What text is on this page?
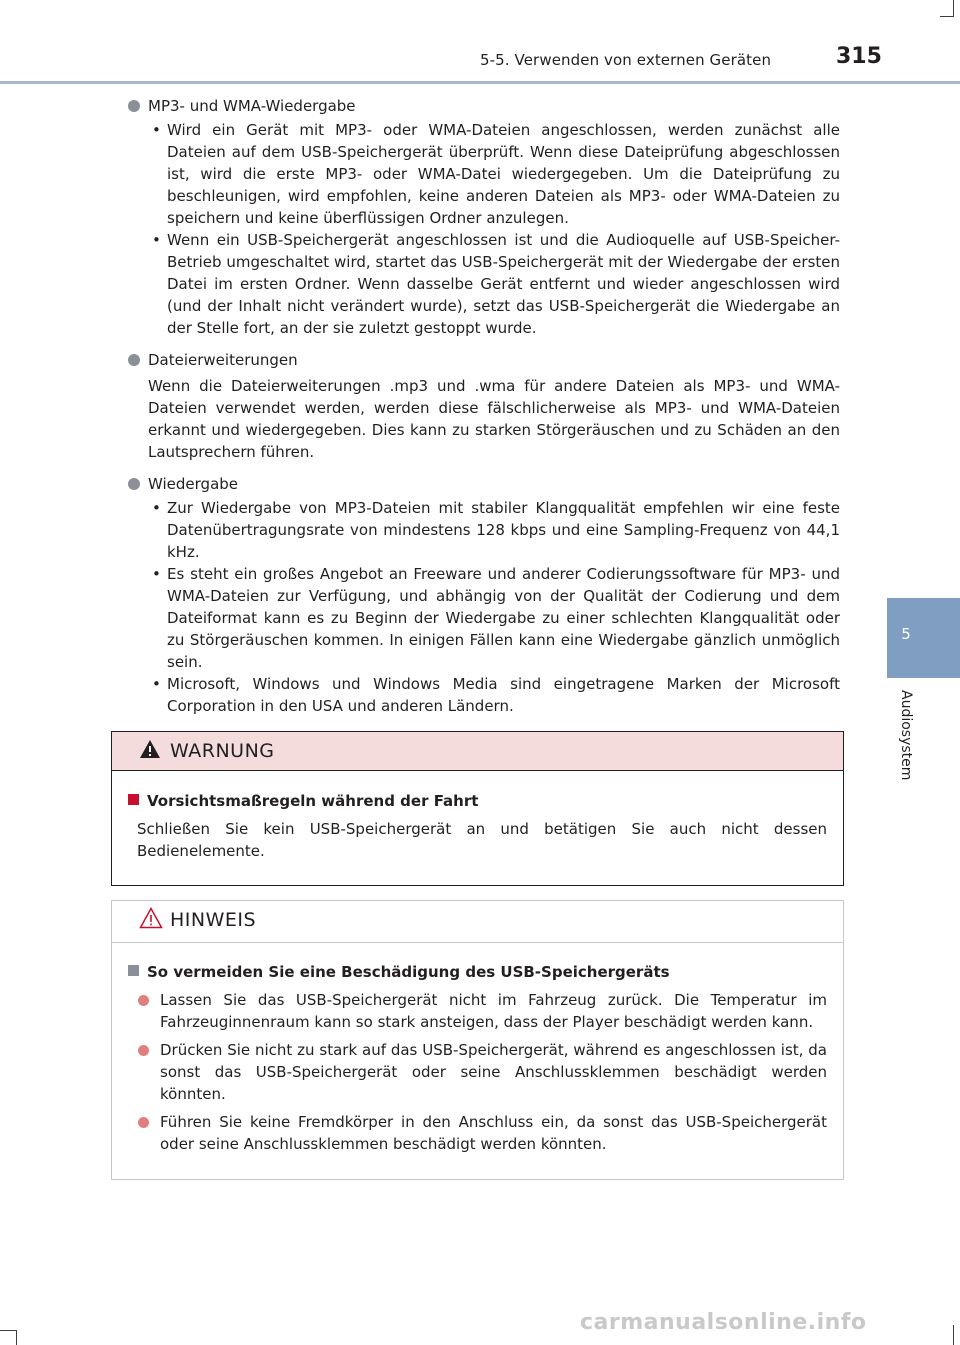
5-5. Verwenden von externen Geräten	315
5
Audiosystem
MP3- und WMA-Wiedergabe
• Wird ein Gerät mit MP3- oder WMA-Dateien angeschlossen, werden zunächst alle Dateien auf dem USB-Speichergerät überprüft. Wenn diese Dateiprüfung abgeschlossen ist, wird die erste MP3- oder WMA-Datei wiedergegeben. Um die Dateiprüfung zu beschleunigen, wird empfohlen, keine anderen Dateien als MP3- oder WMA-Dateien zu speichern und keine überflüssigen Ordner anzulegen.
• Wenn ein USB-Speichergerät angeschlossen ist und die Audioquelle auf USB-Speicher-Betrieb umgeschaltet wird, startet das USB-Speichergerät mit der Wiedergabe der ersten Datei im ersten Ordner. Wenn dasselbe Gerät entfernt und wieder angeschlossen wird (und der Inhalt nicht verändert wurde), setzt das USB-Speichergerät die Wiedergabe an der Stelle fort, an der sie zuletzt gestoppt wurde.
Dateierweiterungen
Wenn die Dateierweiterungen .mp3 und .wma für andere Dateien als MP3- und WMA-Dateien verwendet werden, werden diese fälschlicherweise als MP3- und WMA-Dateien erkannt und wiedergegeben. Dies kann zu starken Störgeräuschen und zu Schäden an den Lautsprechern führen.
Wiedergabe
• Zur Wiedergabe von MP3-Dateien mit stabiler Klangqualität empfehlen wir eine feste Datenübertragungsrate von mindestens 128 kbps und eine Sampling-Frequenz von 44,1 kHz.
• Es steht ein großes Angebot an Freeware und anderer Codierungssoftware für MP3- und WMA-Dateien zur Verfügung, und abhängig von der Qualität der Codierung und dem Dateiformat kann es zu Beginn der Wiedergabe zu einer schlechten Klangqualität oder zu Störgeräuschen kommen. In einigen Fällen kann eine Wiedergabe gänzlich unmöglich sein.
• Microsoft, Windows und Windows Media sind eingetragene Marken der Microsoft Corporation in den USA und anderen Ländern.
WARNUNG
Vorsichtsmaßregeln während der Fahrt
Schließen Sie kein USB-Speichergerät an und betätigen Sie auch nicht dessen Bedienelemente.
HINWEIS
So vermeiden Sie eine Beschädigung des USB-Speichergeräts
Lassen Sie das USB-Speichergerät nicht im Fahrzeug zurück. Die Temperatur im Fahrzeuginnenraum kann so stark ansteigen, dass der Player beschädigt werden kann.
Drücken Sie nicht zu stark auf das USB-Speichergerät, während es angeschlossen ist, da sonst das USB-Speichergerät oder seine Anschlussklemmen beschädigt werden könnten.
Führen Sie keine Fremdkörper in den Anschluss ein, da sonst das USB-Speichergerät oder seine Anschlussklemmen beschädigt werden könnten.
carmanualsonline.info
